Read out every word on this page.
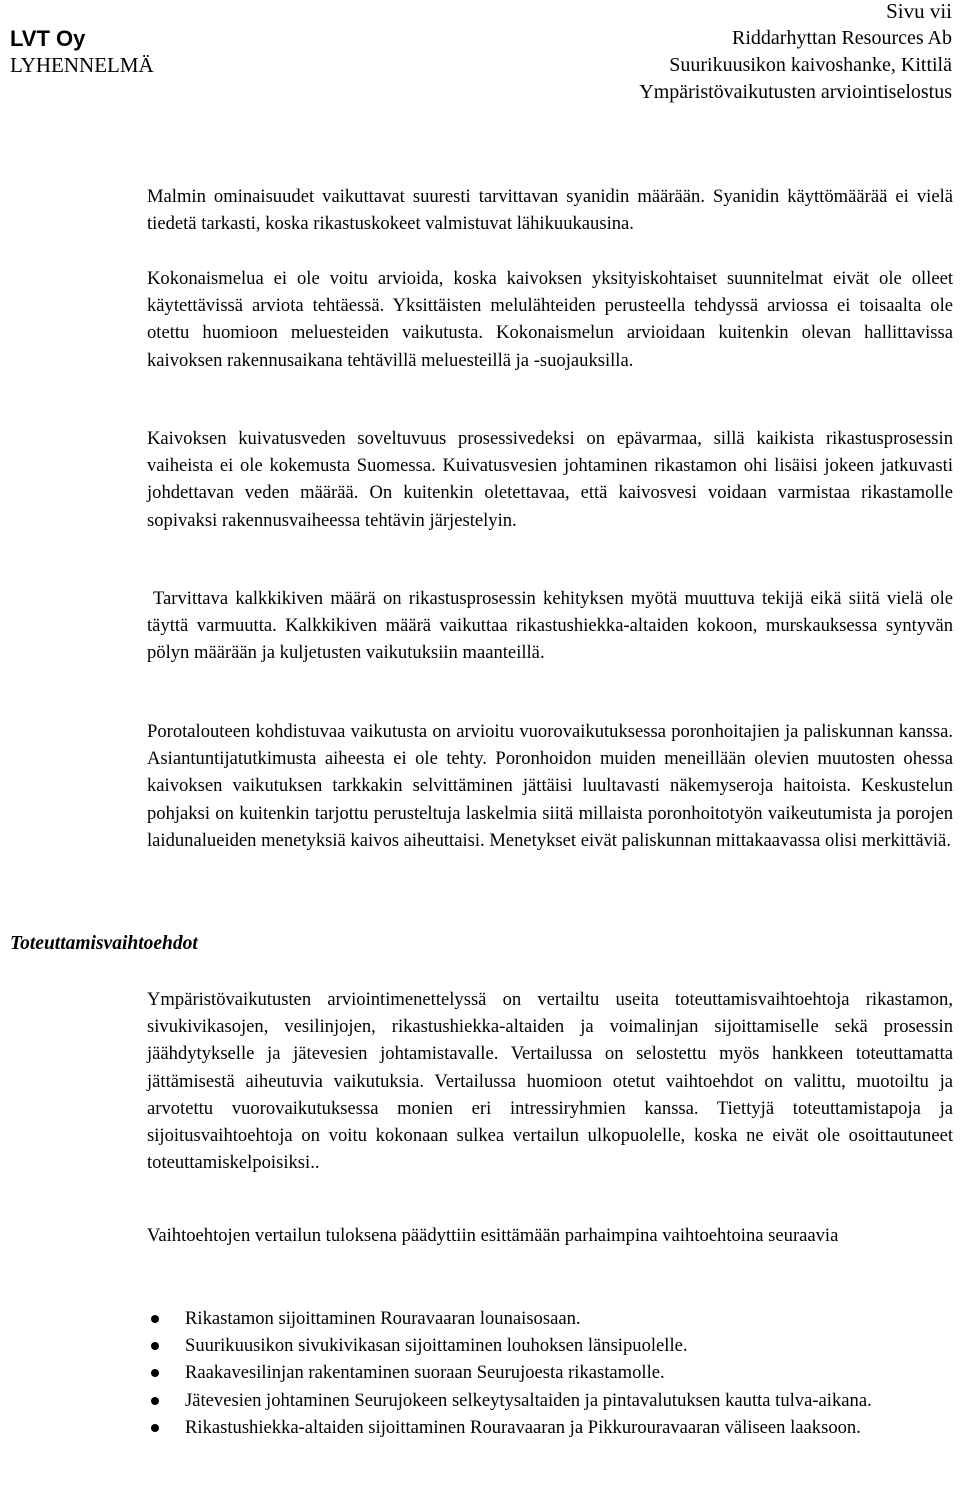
LVT Oy
LYHENNELMÄ
Sivu vii
Riddarhyttan Resources Ab
Suurikuusikon kaivoshanke, Kittilä
Ympäristövaikutusten arviointiselostus

Malmin ominaisuudet vaikuttavat suuresti tarvittavan syanidin määrään. Syanidin käyttömäärää ei vielä tiedetä tarkasti, koska rikastuskokeet valmistuvat lähikuukausina.

Kokonaismelua ei ole voitu arvioida, koska kaivoksen yksityiskohtaiset suunnitelmat eivät ole olleet käytettävissä arviota tehtäessä. Yksittäisten melulähteiden perusteella tehdyssä arviossa ei toisaalta ole otettu huomioon meluesteiden vaikutusta. Kokonaismelun arvioidaan kuitenkin olevan hallittavissa kaivoksen rakennusaikana tehtävillä meluesteillä ja -suojauksilla.

Kaivoksen kuivatusveden soveltuvuus prosessivedeksi on epävarmaa, sillä kaikista rikastusprosessin vaiheista ei ole kokemusta Suomessa. Kuivatusvesien johtaminen rikastamon ohi lisäisi jokeen jatkuvasti johdettavan veden määrää. On kuitenkin oletettavaa, että kaivosvesi voidaan varmistaa rikastamolle sopivaksi rakennusvaiheessa tehtävin järjestelyin.

Tarvittava kalkkikiven määrä on rikastusprosessin kehityksen myötä muuttuva tekijä eikä siitä vielä ole täyttä varmuutta. Kalkkikiven määrä vaikuttaa rikastushiekka-altaiden kokoon, murskauksessa syntyvän pölyn määrään ja kuljetusten vaikutuksiin maanteillä.

Porotalouteen kohdistuvaa vaikutusta on arvioitu vuorovaikutuksessa poronhoitajien ja paliskunnan kanssa. Asiantuntijatutkimusta aiheesta ei ole tehty. Poronhoidon muiden meneillään olevien muutosten ohessa kaivoksen vaikutuksen tarkkakin selvittäminen jättäisi luultavasti näkemyseroja haitoista. Keskustelun pohjaksi on kuitenkin tarjottu perusteltuja laskelmia siitä millaista poronhoitotyön vaikeutumista ja porojen laidunalueiden menetyksiä kaivos aiheuttaisi. Menetykset eivät paliskunnan mittakaavassa olisi merkittäviä.

Toteuttamisvaihtoehdot

Ympäristövaikutusten arviointimenettelyssä on vertailtu useita toteuttamisvaihtoehtoja rikastamon, sivukivikasojen, vesilinjojen, rikastushiekka-altaiden ja voimalinjan sijoittamiselle sekä prosessin jäähdytykselle ja jätevesien johtamistavalle. Vertailussa on selostettu myös hankkeen toteuttamatta jättämisestä aiheutuvia vaikutuksia. Vertailussa huomioon otetut vaihtoehdot on valittu, muotoiltu ja arvotettu vuorovaikutuksessa monien eri intressiryhmien kanssa. Tiettyjä toteuttamistapoja ja sijoitusvaihtoehtoja on voitu kokonaan sulkea vertailun ulkopuolelle, koska ne eivät ole osoittautuneet toteuttamiskelpoisiksi..

Vaihtoehtojen vertailun tuloksena päädyttiin esittämään parhaimpina vaihtoehtoina seuraavia

Rikastamon sijoittaminen Rouravaaran lounaisosaan.
Suurikuusikon sivukivikasan sijoittaminen louhoksen länsipuolelle.
Raakavesilinjan rakentaminen suoraan Seurujoesta rikastamolle.
Jätevesien johtaminen Seurujokeen selkeytysaltaiden ja pintavalutuksen kautta tulva-aikana.
Rikastushiekka-altaiden sijoittaminen Rouravaaran ja Pikkurouravaaran väliseen laaksoon.
